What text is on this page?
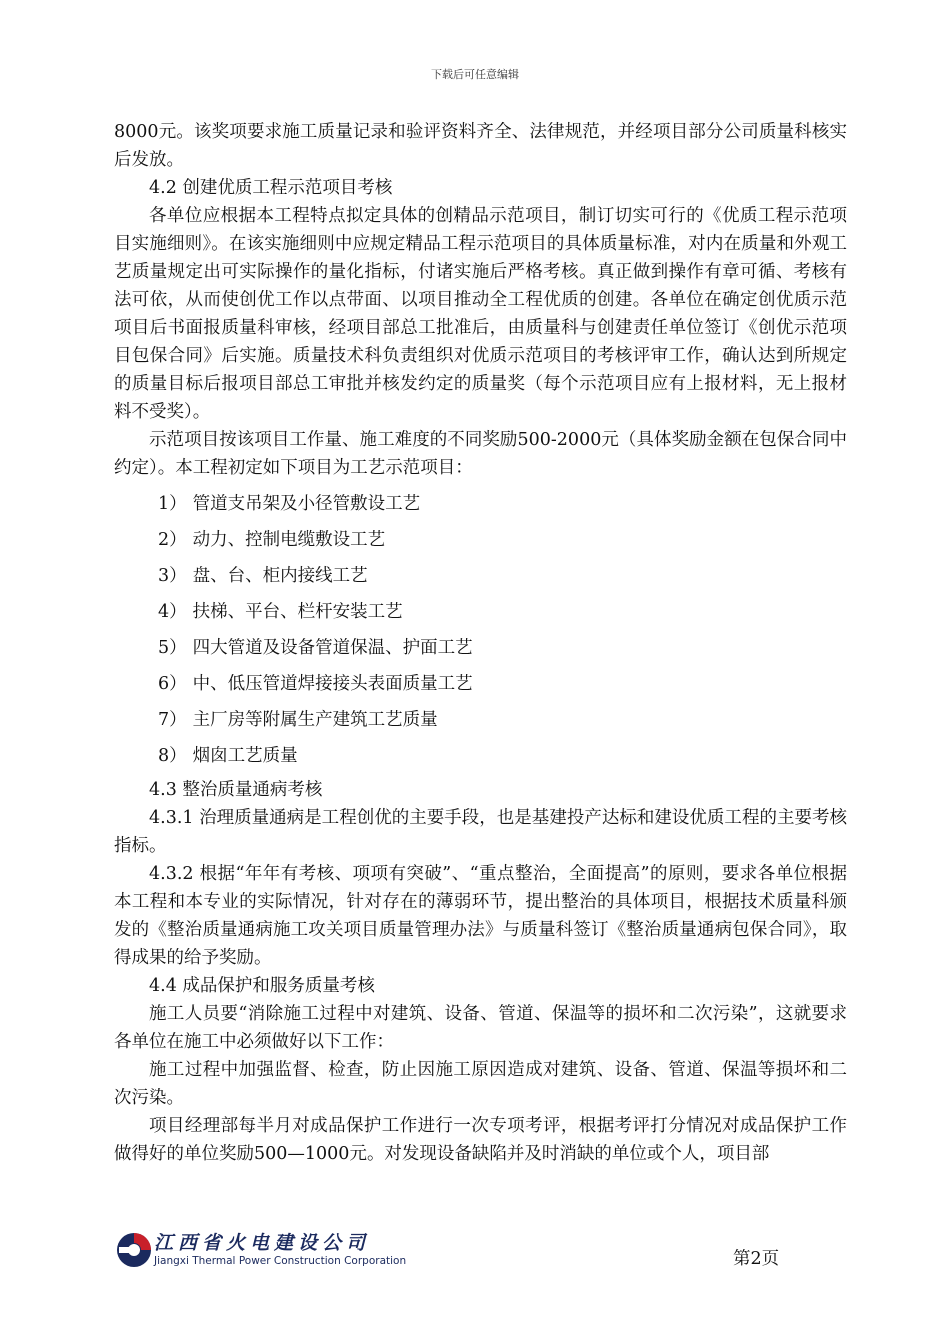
下载后可任意编辑

8000元。该奖项要求施工质量记录和验评资料齐全、法律规范，并经项目部分公司质量科核实后发放。

4.2 创建优质工程示范项目考核

各单位应根据本工程特点拟定具体的创精品示范项目，制订切实可行的《优质工程示范项目实施细则》。在该实施细则中应规定精品工程示范项目的具体质量标准，对内在质量和外观工艺质量规定出可实际操作的量化指标，付诸实施后严格考核。真正做到操作有章可循、考核有法可依，从而使创优工作以点带面、以项目推动全工程优质的创建。各单位在确定创优质示范项目后书面报质量科审核，经项目部总工批准后，由质量科与创建责任单位签订《创优示范项目包保合同》后实施。质量技术科负责组织对优质示范项目的考核评审工作，确认达到所规定的质量目标后报项目部总工审批并核发约定的质量奖（每个示范项目应有上报材料，无上报材料不受奖）。

示范项目按该项目工作量、施工难度的不同奖励500-2000元（具体奖励金额在包保合同中约定）。本工程初定如下项目为工艺示范项目：

1） 管道支吊架及小径管敷设工艺
2） 动力、控制电缆敷设工艺
3） 盘、台、柜内接线工艺
4） 扶梯、平台、栏杆安装工艺
5） 四大管道及设备管道保温、护面工艺
6） 中、低压管道焊接接头表面质量工艺
7） 主厂房等附属生产建筑工艺质量
8） 烟囱工艺质量

4.3 整治质量通病考核

4.3.1 治理质量通病是工程创优的主要手段，也是基建投产达标和建设优质工程的主要考核指标。

4.3.2 根据“年年有考核、项项有突破”、“重点整治，全面提高”的原则，要求各单位根据本工程和本专业的实际情况，针对存在的薄弱环节，提出整治的具体项目，根据技术质量科颁发的《整治质量通病施工攻关项目质量管理办法》与质量科签订《整治质量通病包保合同》，取得成果的给予奖励。

4.4 成品保护和服务质量考核

施工人员要“消除施工过程中对建筑、设备、管道、保温等的损坏和二次污染”，这就要求各单位在施工中必须做好以下工作：

施工过程中加强监督、检查，防止因施工原因造成对建筑、设备、管道、保温等损坏和二次污染。

项目经理部每半月对成品保护工作进行一次专项考评，根据考评打分情况对成品保护工作做得好的单位奖励500—1000元。对发现设备缺陷并及时消缺的单位或个人，项目部

江西省火电建设公司
Jiangxi Thermal Power Construction Corporation	第2页
